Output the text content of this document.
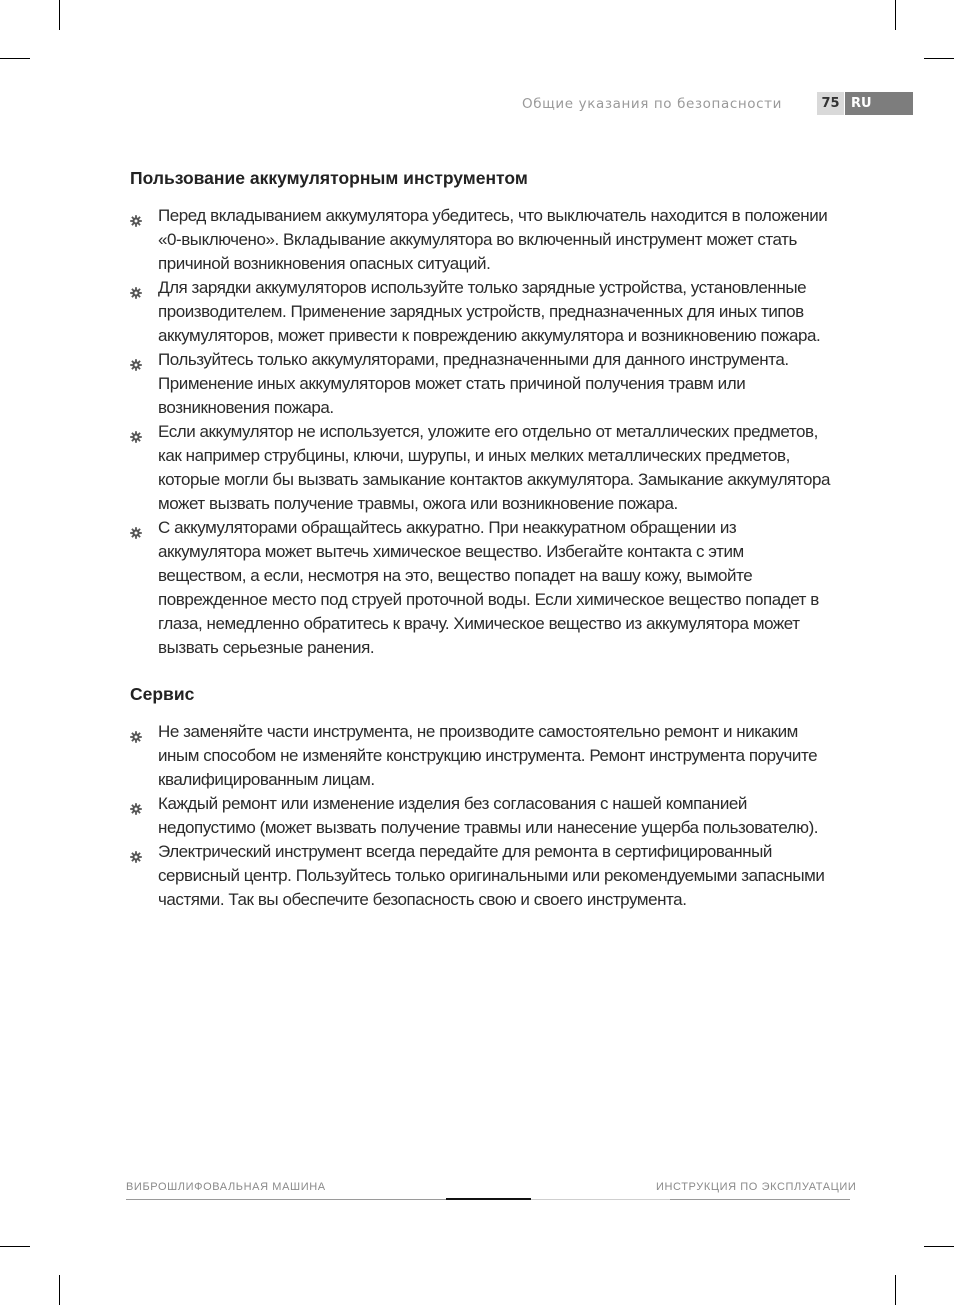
Общие указания по безопасности	75 RU
Пользование аккумуляторным инструментом
Перед вкладыванием аккумулятора убедитесь, что выключатель находится в положении «0-выключено». Вкладывание аккумулятора во включенный инструмент может стать причиной возникновения опасных ситуаций.
Для зарядки аккумуляторов используйте только зарядные устройства, установленные производителем. Применение зарядных устройств, предназначенных для иных типов аккумуляторов, может привести к повреждению аккумулятора и возникновению пожара.
Пользуйтесь только аккумуляторами, предназначенными для данного инструмента. Применение иных аккумуляторов может стать причиной получения травм или возникновения пожара.
Если аккумулятор не используется, уложите его отдельно от металлических предметов, как например струбцины, ключи, шурупы, и иных мелких металлических предметов, которые могли бы вызвать замыкание контактов аккумулятора. Замыкание аккумулятора может вызвать получение травмы, ожога или возникновение пожара.
С аккумуляторами обращайтесь аккуратно. При неаккуратном обращении из аккумулятора может вытечь химическое вещество. Избегайте контакта с этим веществом, а если, несмотря на это, вещество попадет на вашу кожу, вымойте поврежденное место под струей проточной воды. Если химическое вещество попадет в глаза, немедленно обратитесь к врачу. Химическое вещество из аккумулятора может вызвать серьезные ранения.
Сервис
Не заменяйте части инструмента, не производите самостоятельно ремонт и никаким иным способом не изменяйте конструкцию инструмента. Ремонт инструмента поручите квалифицированным лицам.
Каждый ремонт или изменение изделия без согласования с нашей компанией недопустимо (может вызвать получение травмы или нанесение ущерба пользователю).
Электрический инструмент всегда передайте для ремонта в сертифицированный сервисный центр. Пользуйтесь только оригинальными или рекомендуемыми запасными частями. Так вы обеспечите безопасность свою и своего инструмента.
ВИБРОШЛИФОВАЛЬНАЯ МАШИНА	ИНСТРУКЦИЯ ПО ЭКСПЛУАТАЦИИ
